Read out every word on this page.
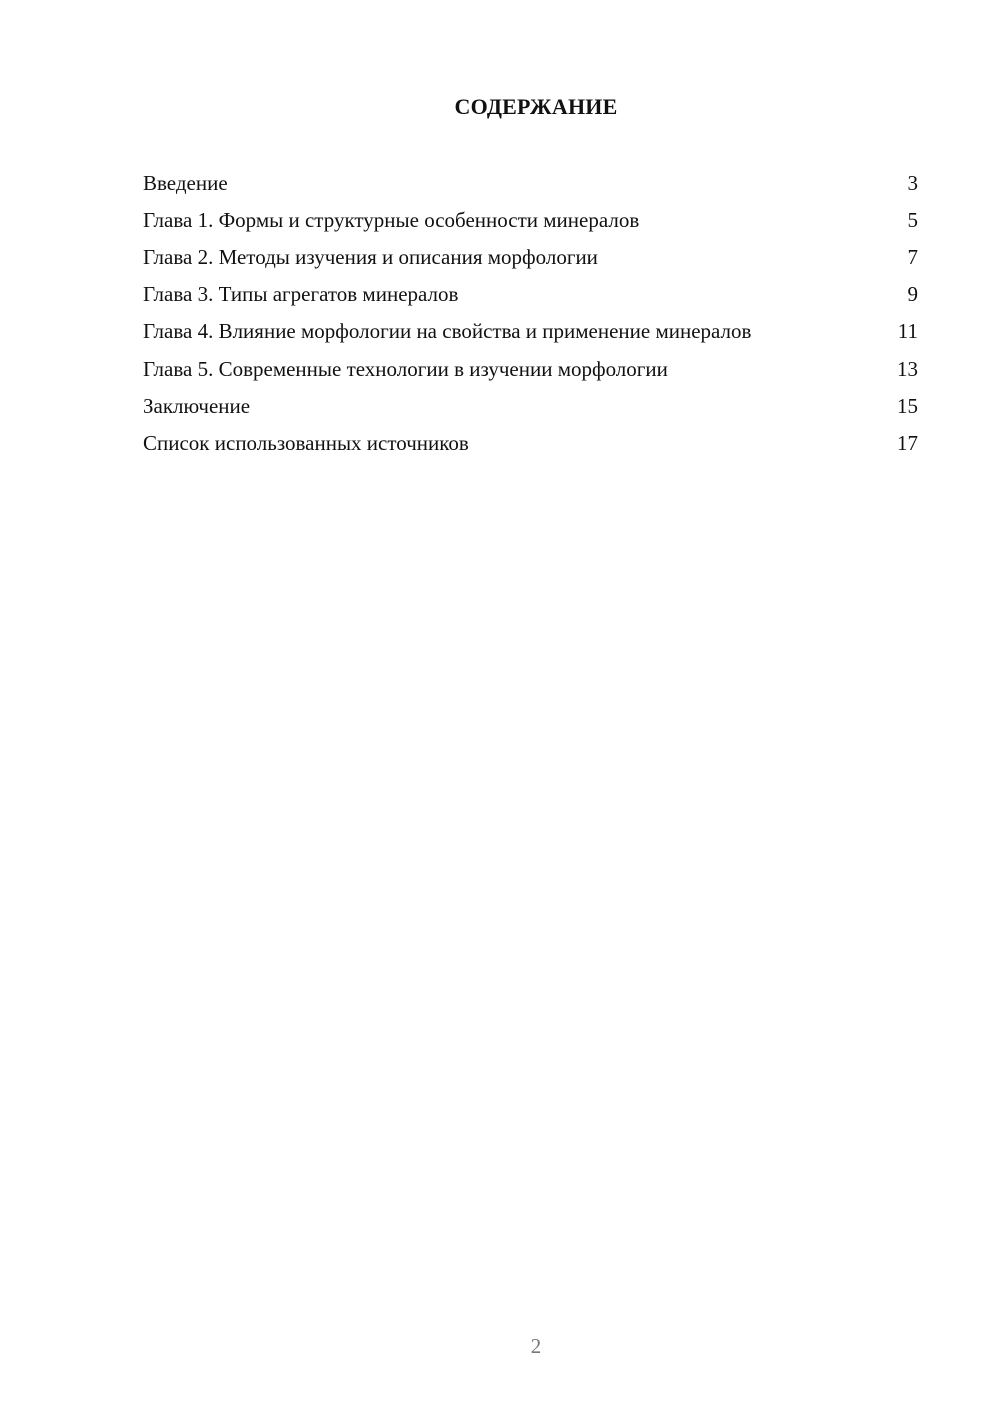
СОДЕРЖАНИЕ
Введение	3
Глава 1. Формы и структурные особенности минералов	5
Глава 2. Методы изучения и описания морфологии	7
Глава 3. Типы агрегатов минералов	9
Глава 4. Влияние морфологии на свойства и применение минералов	11
Глава 5. Современные технологии в изучении морфологии	13
Заключение	15
Список использованных источников	17
2
